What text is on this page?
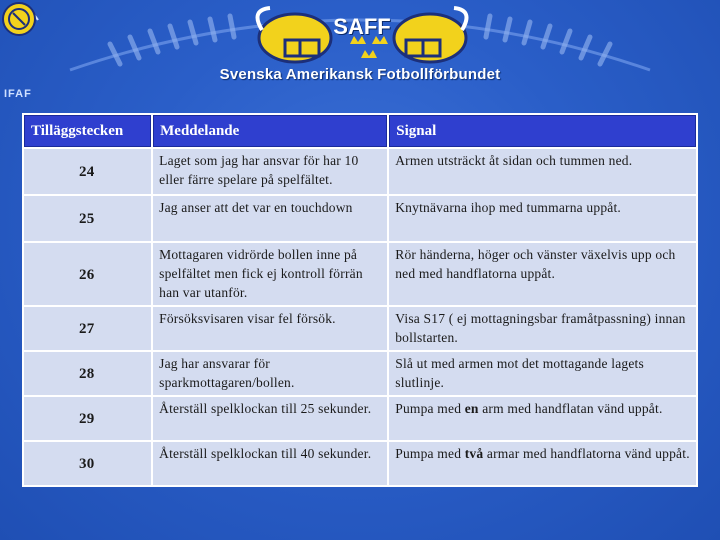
SAFF
Svenska Amerikansk Fotbollförbundet
IFAF
Tilläggstecken	Meddelande	Signal
24	Laget som jag har ansvar för har 10 eller färre spelare på spelfältet.	Armen utsträckt åt sidan och tummen ned.
25	Jag anser att det var en touchdown	Knytnävarna ihop med tummarna uppåt.
26	Mottagaren vidrörde bollen inne på spelfältet men fick ej kontroll förrän han var utanför.	Rör händerna, höger och vänster växelvis upp och ned med handflatorna uppåt.
27	Försöksvisaren visar fel försök.	Visa S17 ( ej mottagningsbar framåtpassning) innan bollstarten.
28	Jag har ansvarar för sparkmottagaren/bollen.	Slå ut med armen mot det mottagande lagets slutlinje.
29	Återställ spelklockan till 25 sekunder.	Pumpa med en arm med handflatan vänd uppåt.
30	Återställ spelklockan till 40 sekunder.	Pumpa med två armar med handflatorna vänd uppåt.
